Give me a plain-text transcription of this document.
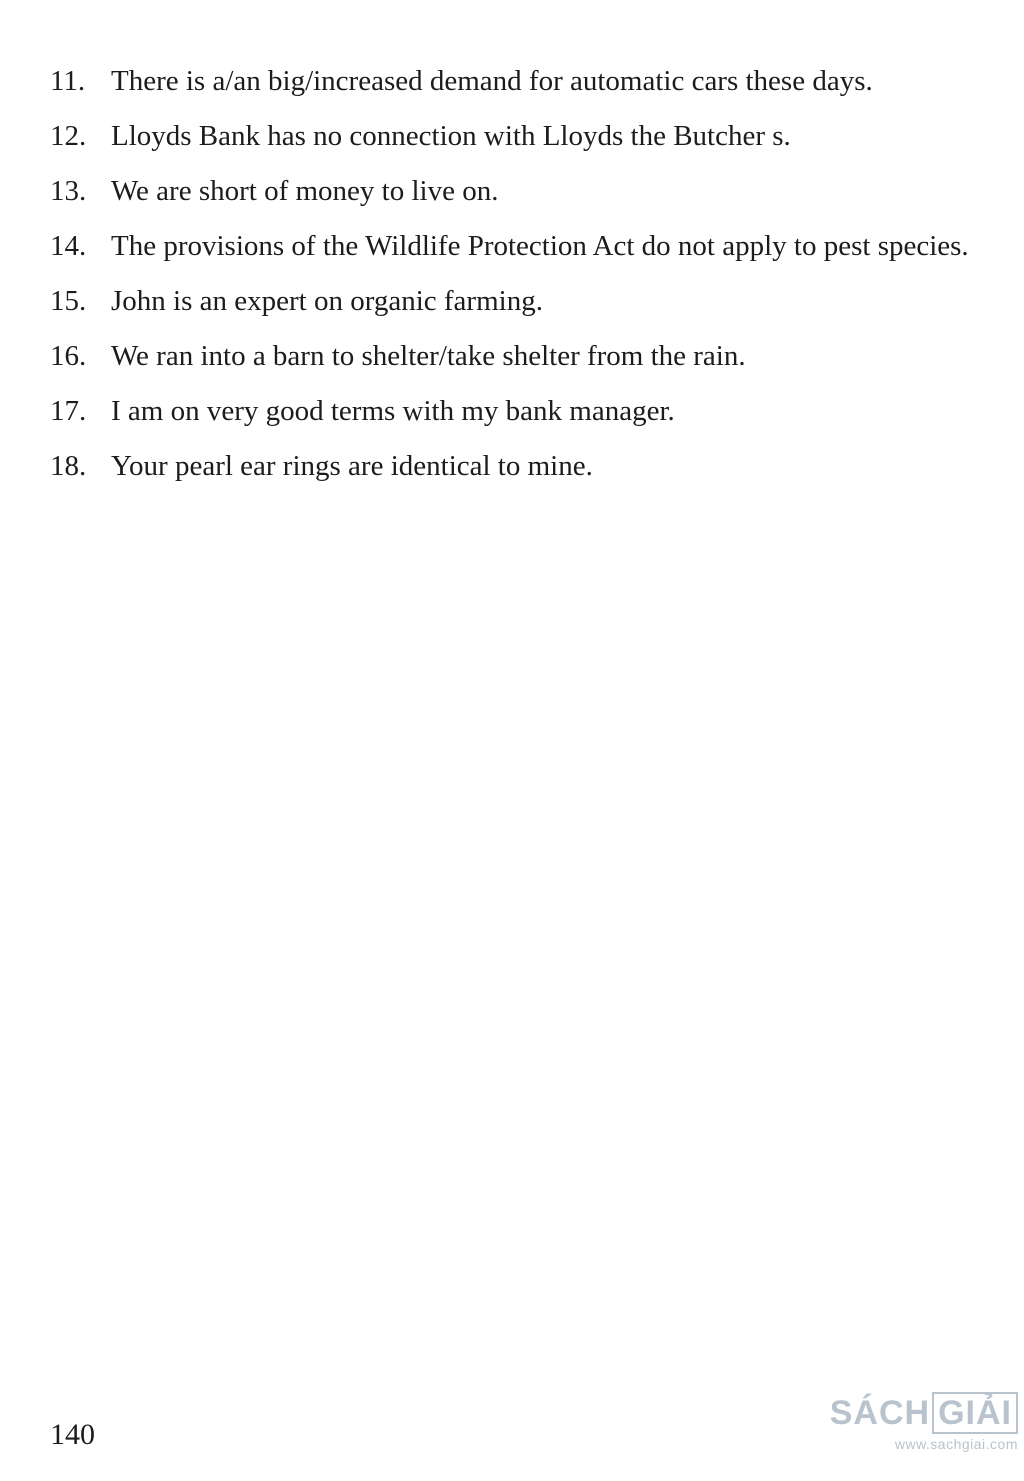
11. There is a/an big/increased demand for automatic cars these days.
12. Lloyds Bank has no connection with Lloyds the Butcher s.
13. We are short of money to live on.
14. The provisions of the Wildlife Protection Act do not apply to pest species.
15. John is an expert on organic farming.
16. We ran into a barn to shelter/take shelter from the rain.
17. I am on very good terms with my bank manager.
18. Your pearl ear rings are identical to mine.
140
SÁCH GIẢI
www.sachgiai.com
